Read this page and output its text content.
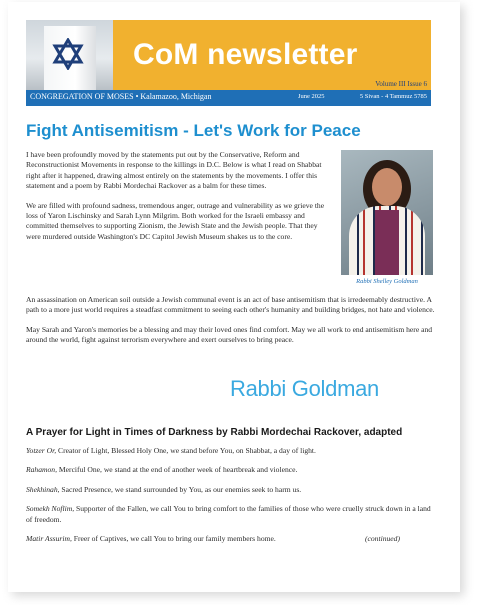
CoM newsletter
CONGREGATION OF MOSES • Kalamazoo, Michigan
Volume III Issue 6
June 2025	5 Sivan - 4 Tammuz 5785
Fight Antisemitism - Let's Work for Peace

I have been profoundly moved by the statements put out by the Conservative, Reform and Reconstructionist Movements in response to the killings in D.C. Below is what I read on Shabbat right after it happened, drawing almost entirely on the statements by the movements. I offer this statement and a poem by Rabbi Mordechai Rackover as a balm for these times.

We are filled with profound sadness, tremendous anger, outrage and vulnerability as we grieve the loss of Yaron Lischinsky and Sarah Lynn Milgrim. Both worked for the Israeli embassy and committed themselves to supporting Zionism, the Jewish State and the Jewish people. That they were murdered outside Washington's DC Capitol Jewish Museum shakes us to the core.

Rabbi Shelley Goldman

An assassination on American soil outside a Jewish communal event is an act of base antisemitism that is irredeemably destructive. A path to a more just world requires a steadfast commitment to seeing each other's humanity and building bridges, not hate and violence.

May Sarah and Yaron's memories be a blessing and may their loved ones find comfort. May we all work to end antisemitism here and around the world, fight against terrorism everywhere and exert ourselves to bring peace.

Rabbi Goldman
A Prayer for Light in Times of Darkness by Rabbi Mordechai Rackover, adapted

Yotzer Or, Creator of Light, Blessed Holy One, we stand before You, on Shabbat, a day of light.

Rahamon, Merciful One, we stand at the end of another week of heartbreak and violence.

Shekhinah, Sacred Presence, we stand surrounded by You, as our enemies seek to harm us.

Somekh Noflim, Supporter of the Fallen, we call You to bring comfort to the families of those who were cruelly struck down in a land of freedom.

Matir Assurim, Freer of Captives, we call You to bring our family members home.	(continued)
